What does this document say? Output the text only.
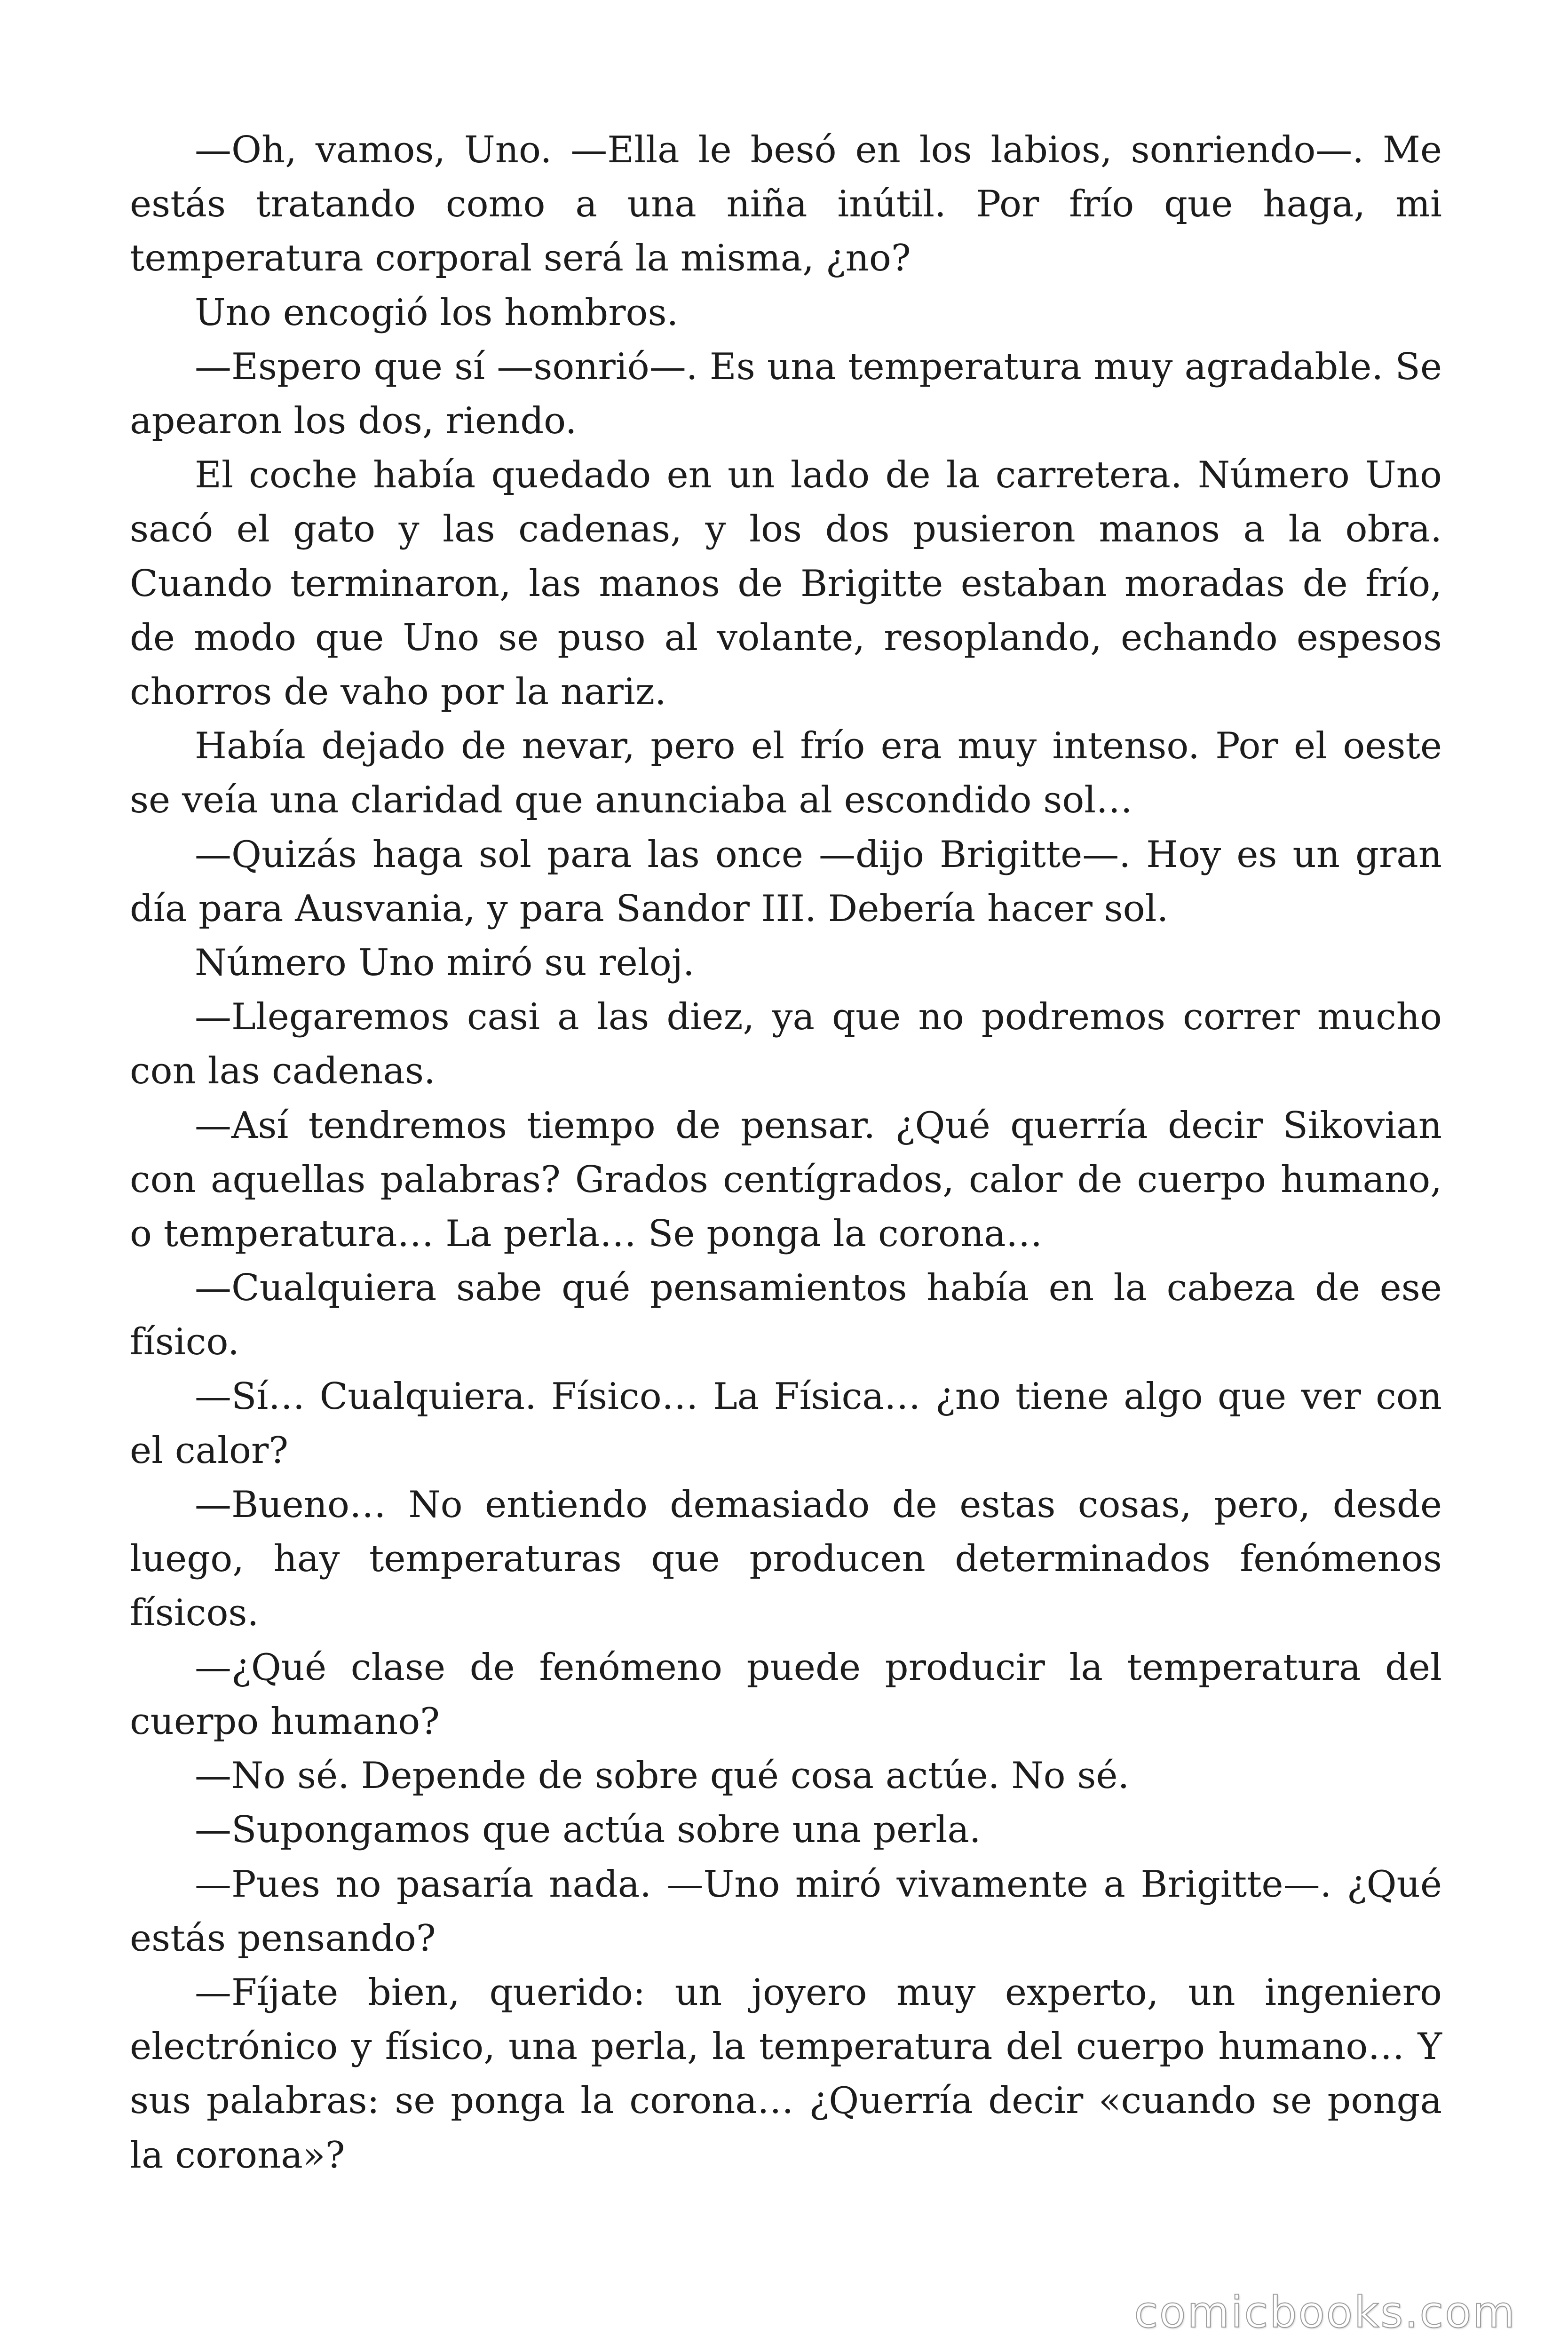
—Oh, vamos, Uno. —Ella le besó en los labios, sonriendo—. Me estás tratando como a una niña inútil. Por frío que haga, mi temperatura corporal será la misma, ¿no?

Uno encogió los hombros.

—Espero que sí —sonrió—. Es una temperatura muy agradable. Se apearon los dos, riendo.

El coche había quedado en un lado de la carretera. Número Uno sacó el gato y las cadenas, y los dos pusieron manos a la obra. Cuando terminaron, las manos de Brigitte estaban moradas de frío, de modo que Uno se puso al volante, resoplando, echando espesos chorros de vaho por la nariz.

Había dejado de nevar, pero el frío era muy intenso. Por el oeste se veía una claridad que anunciaba al escondido sol…

—Quizás haga sol para las once —dijo Brigitte—. Hoy es un gran día para Ausvania, y para Sandor III. Debería hacer sol.

Número Uno miró su reloj.

—Llegaremos casi a las diez, ya que no podremos correr mucho con las cadenas.

—Así tendremos tiempo de pensar. ¿Qué querría decir Sikovian con aquellas palabras? Grados centígrados, calor de cuerpo humano, o temperatura… La perla… Se ponga la corona…

—Cualquiera sabe qué pensamientos había en la cabeza de ese físico.

—Sí… Cualquiera. Físico… La Física… ¿no tiene algo que ver con el calor?

—Bueno… No entiendo demasiado de estas cosas, pero, desde luego, hay temperaturas que producen determinados fenómenos físicos.

—¿Qué clase de fenómeno puede producir la temperatura del cuerpo humano?

—No sé. Depende de sobre qué cosa actúe. No sé.

—Supongamos que actúa sobre una perla.

—Pues no pasaría nada. —Uno miró vivamente a Brigitte—. ¿Qué estás pensando?

—Fíjate bien, querido: un joyero muy experto, un ingeniero electrónico y físico, una perla, la temperatura del cuerpo humano… Y sus palabras: se ponga la corona… ¿Querría decir «cuando se ponga la corona»?

comicbooks.com
